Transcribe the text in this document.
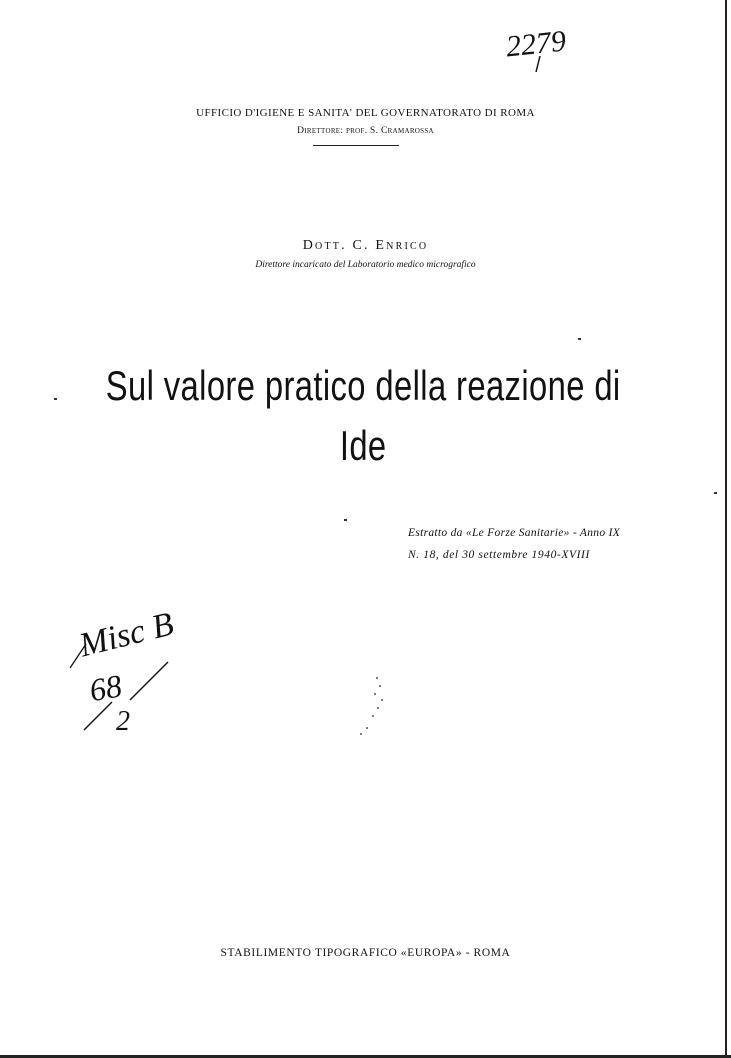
2279
UFFICIO D'IGIENE E SANITA' DEL GOVERNATORATO DI ROMA
Direttore: prof. S. Cramarossa
Dott. C. Enrico
Direttore incaricato del Laboratorio medico micrografico
Sul valore pratico della reazione di Ide
Estratto da «Le Forze Sanitarie» - Anno IX
N. 18, del 30 settembre 1940-XVIII
Misc B
68
2
STABILIMENTO TIPOGRAFICO «EUROPA» - ROMA
